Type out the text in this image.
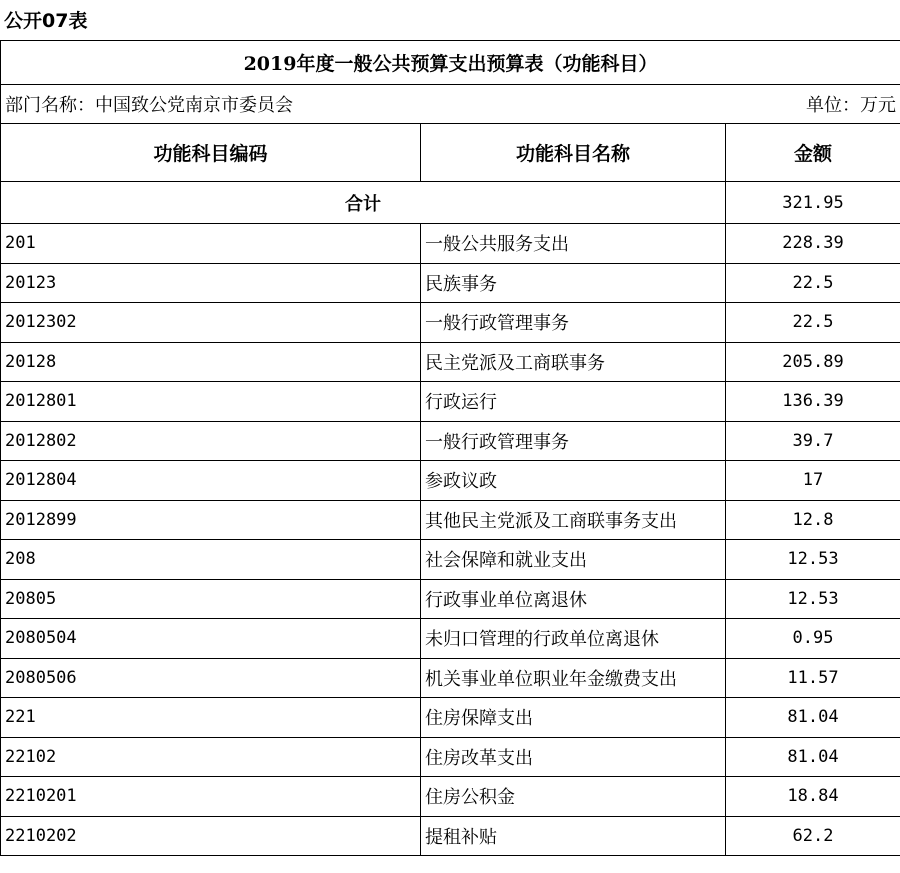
公开07表
2019年度一般公共预算支出预算表（功能科目）		
部门名称：中国致公党南京市委员会		单位：万元
功能科目编码	功能科目名称	金额
合计		321.95
201	一般公共服务支出	228.39
20123	民族事务	22.5
2012302	一般行政管理事务	22.5
20128	民主党派及工商联事务	205.89
2012801	行政运行	136.39
2012802	一般行政管理事务	39.7
2012804	参政议政	17
2012899	其他民主党派及工商联事务支出	12.8
208	社会保障和就业支出	12.53
20805	行政事业单位离退休	12.53
2080504	未归口管理的行政单位离退休	0.95
2080506	机关事业单位职业年金缴费支出	11.57
221	住房保障支出	81.04
22102	住房改革支出	81.04
2210201	住房公积金	18.84
2210202	提租补贴	62.2
